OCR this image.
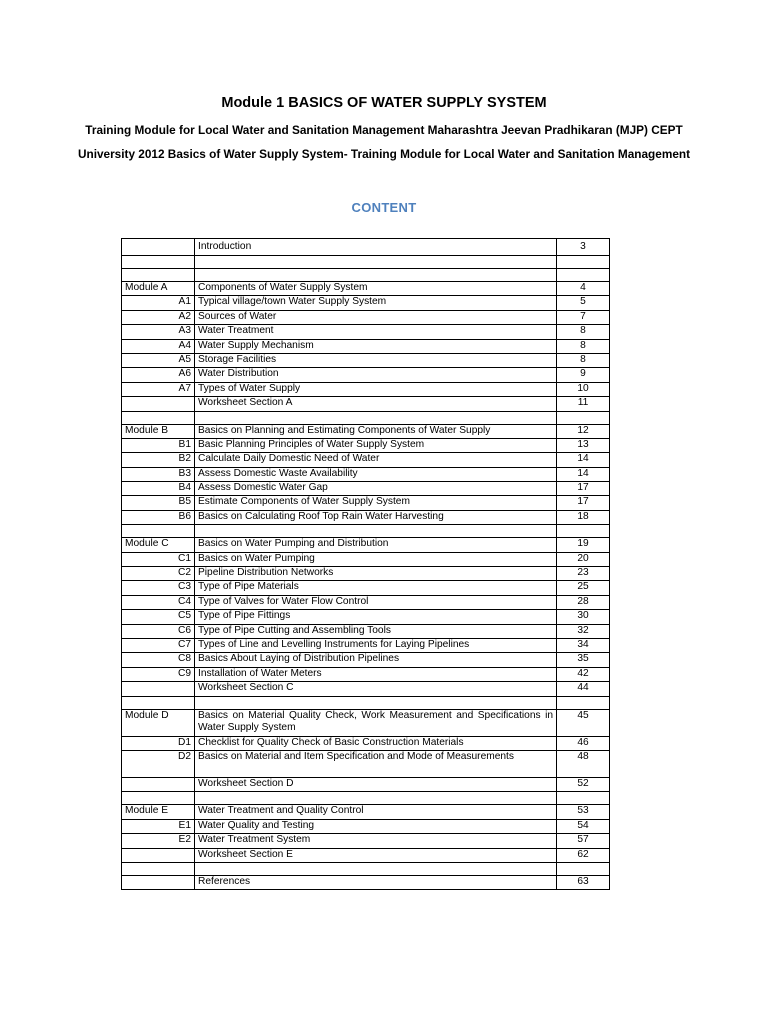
Module 1 BASICS OF WATER SUPPLY SYSTEM
Training Module for Local Water and Sanitation Management Maharashtra Jeevan Pradhikaran (MJP) CEPT
University 2012 Basics of Water Supply System- Training Module for Local Water and Sanitation Management
CONTENT
	Introduction	3

Module A	Components of Water Supply System	4
A1	Typical village/town Water Supply System	5
A2	Sources of Water	7
A3	Water Treatment	8
A4	Water Supply Mechanism	8
A5	Storage Facilities	8
A6	Water Distribution	9
A7	Types of Water Supply	10
	Worksheet Section A	11

Module B	Basics on Planning and Estimating Components of Water Supply	12
B1	Basic Planning Principles of Water Supply System	13
B2	Calculate Daily Domestic Need of Water	14
B3	Assess Domestic Waste Availability	14
B4	Assess Domestic Water Gap	17
B5	Estimate Components of Water Supply System	17
B6	Basics on Calculating Roof Top Rain Water Harvesting	18

Module C	Basics on Water Pumping and Distribution	19
C1	Basics on Water Pumping	20
C2	Pipeline Distribution Networks	23
C3	Type of Pipe Materials	25
C4	Type of Valves for Water Flow Control	28
C5	Type of Pipe Fittings	30
C6	Type of Pipe Cutting and Assembling Tools	32
C7	Types of Line and Levelling Instruments for Laying Pipelines	34
C8	Basics About Laying of Distribution Pipelines	35
C9	Installation of Water Meters	42
	Worksheet Section C	44

Module D	Basics on Material Quality Check, Work Measurement and Specifications in Water Supply System	45
D1	Checklist for Quality Check of Basic Construction Materials	46
D2	Basics on Material and Item Specification and Mode of Measurements	48
	Worksheet Section D	52

Module E	Water Treatment and Quality Control	53
E1	Water Quality and Testing	54
E2	Water Treatment System	57
	Worksheet Section E	62

	References	63
